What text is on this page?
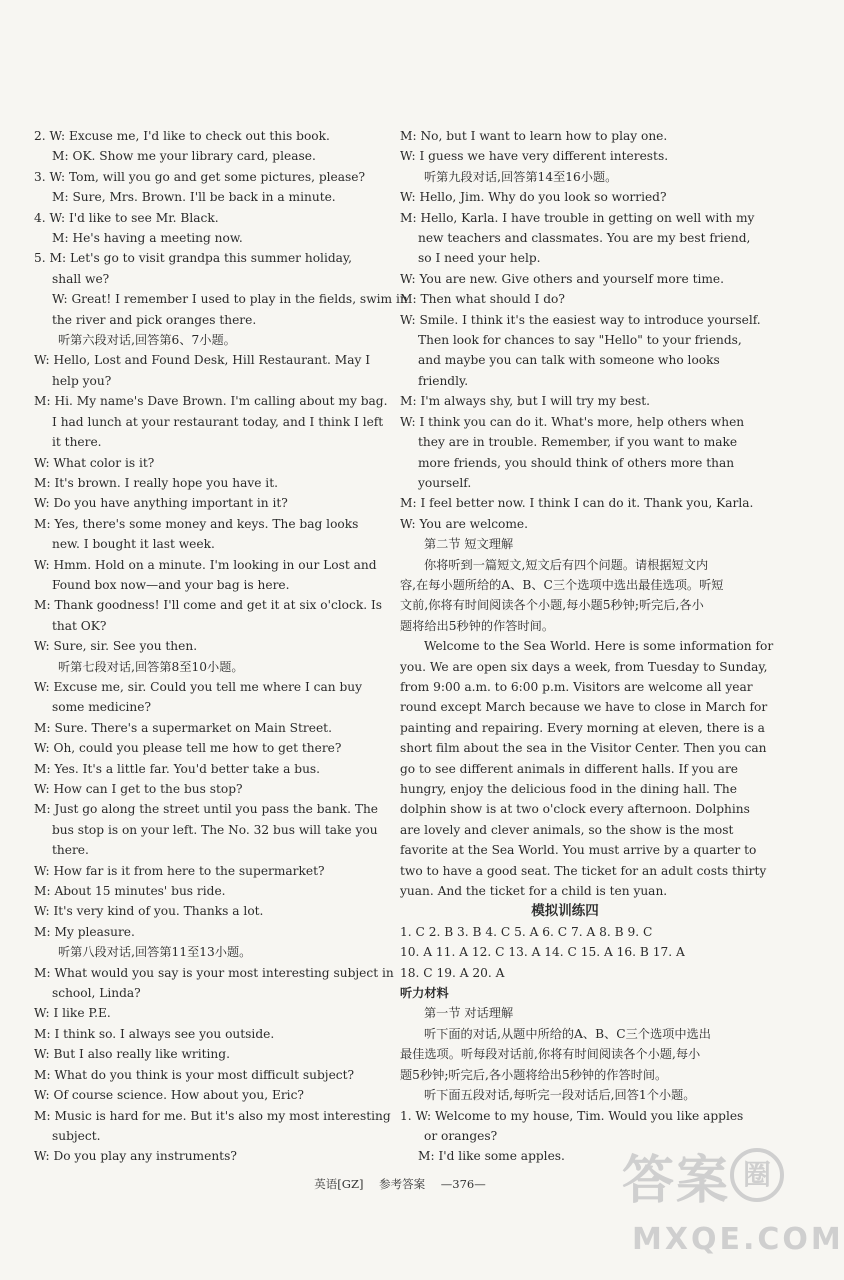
2. W: Excuse me, I'd like to check out this book.
M: OK. Show me your library card, please.
3. W: Tom, will you go and get some pictures, please?
M: Sure, Mrs. Brown. I'll be back in a minute.
4. W: I'd like to see Mr. Black.
M: He's having a meeting now.
5. M: Let's go to visit grandpa this summer holiday,
shall we?
W: Great! I remember I used to play in the fields, swim in
the river and pick oranges there.
听第六段对话,回答第6、7小题。
W: Hello, Lost and Found Desk, Hill Restaurant. May I
help you?
M: Hi. My name's Dave Brown. I'm calling about my bag.
I had lunch at your restaurant today, and I think I left
it there.
W: What color is it?
M: It's brown. I really hope you have it.
W: Do you have anything important in it?
M: Yes, there's some money and keys. The bag looks
new. I bought it last week.
W: Hmm. Hold on a minute. I'm looking in our Lost and
Found box now—and your bag is here.
M: Thank goodness! I'll come and get it at six o'clock. Is
that OK?
W: Sure, sir. See you then.
听第七段对话,回答第8至10小题。
W: Excuse me, sir. Could you tell me where I can buy
some medicine?
M: Sure. There's a supermarket on Main Street.
W: Oh, could you please tell me how to get there?
M: Yes. It's a little far. You'd better take a bus.
W: How can I get to the bus stop?
M: Just go along the street until you pass the bank. The
bus stop is on your left. The No. 32 bus will take you
there.
W: How far is it from here to the supermarket?
M: About 15 minutes' bus ride.
W: It's very kind of you. Thanks a lot.
M: My pleasure.
听第八段对话,回答第11至13小题。
M: What would you say is your most interesting subject in
school, Linda?
W: I like P.E.
M: I think so. I always see you outside.
W: But I also really like writing.
M: What do you think is your most difficult subject?
W: Of course science. How about you, Eric?
M: Music is hard for me. But it's also my most interesting
subject.
W: Do you play any instruments?
M: No, but I want to learn how to play one.
W: I guess we have very different interests.
听第九段对话,回答第14至16小题。
W: Hello, Jim. Why do you look so worried?
M: Hello, Karla. I have trouble in getting on well with my
new teachers and classmates. You are my best friend,
so I need your help.
W: You are new. Give others and yourself more time.
M: Then what should I do?
W: Smile. I think it's the easiest way to introduce yourself.
Then look for chances to say "Hello" to your friends,
and maybe you can talk with someone who looks
friendly.
M: I'm always shy, but I will try my best.
W: I think you can do it. What's more, help others when
they are in trouble. Remember, if you want to make
more friends, you should think of others more than
yourself.
M: I feel better now. I think I can do it. Thank you, Karla.
W: You are welcome.
第二节 短文理解
你将听到一篇短文,短文后有四个问题。请根据短文内
容,在每小题所给的A、B、C三个选项中选出最佳选项。听短
文前,你将有时间阅读各个小题,每小题5秒钟;听完后,各小
题将给出5秒钟的作答时间。
Welcome to the Sea World. Here is some information for
you. We are open six days a week, from Tuesday to Sunday,
from 9:00 a.m. to 6:00 p.m. Visitors are welcome all year
round except March because we have to close in March for
painting and repairing. Every morning at eleven, there is a
short film about the sea in the Visitor Center. Then you can
go to see different animals in different halls. If you are
hungry, enjoy the delicious food in the dining hall. The
dolphin show is at two o'clock every afternoon. Dolphins
are lovely and clever animals, so the show is the most
favorite at the Sea World. You must arrive by a quarter to
two to have a good seat. The ticket for an adult costs thirty
yuan. And the ticket for a child is ten yuan.
模拟训练四
1. C 2. B 3. B 4. C 5. A 6. C 7. A 8. B 9. C
10. A 11. A 12. C 13. A 14. C 15. A 16. B 17. A
18. C 19. A 20. A
听力材料
第一节 对话理解
听下面的对话,从题中所给的A、B、C三个选项中选出
最佳选项。听每段对话前,你将有时间阅读各个小题,每小
题5秒钟;听完后,各小题将给出5秒钟的作答时间。
听下面五段对话,每听完一段对话后,回答1个小题。
1. W: Welcome to my house, Tim. Would you like apples
or oranges?
M: I'd like some apples.
英语[GZ] 参考答案 —376—	答案 圈
MXQE.COM
